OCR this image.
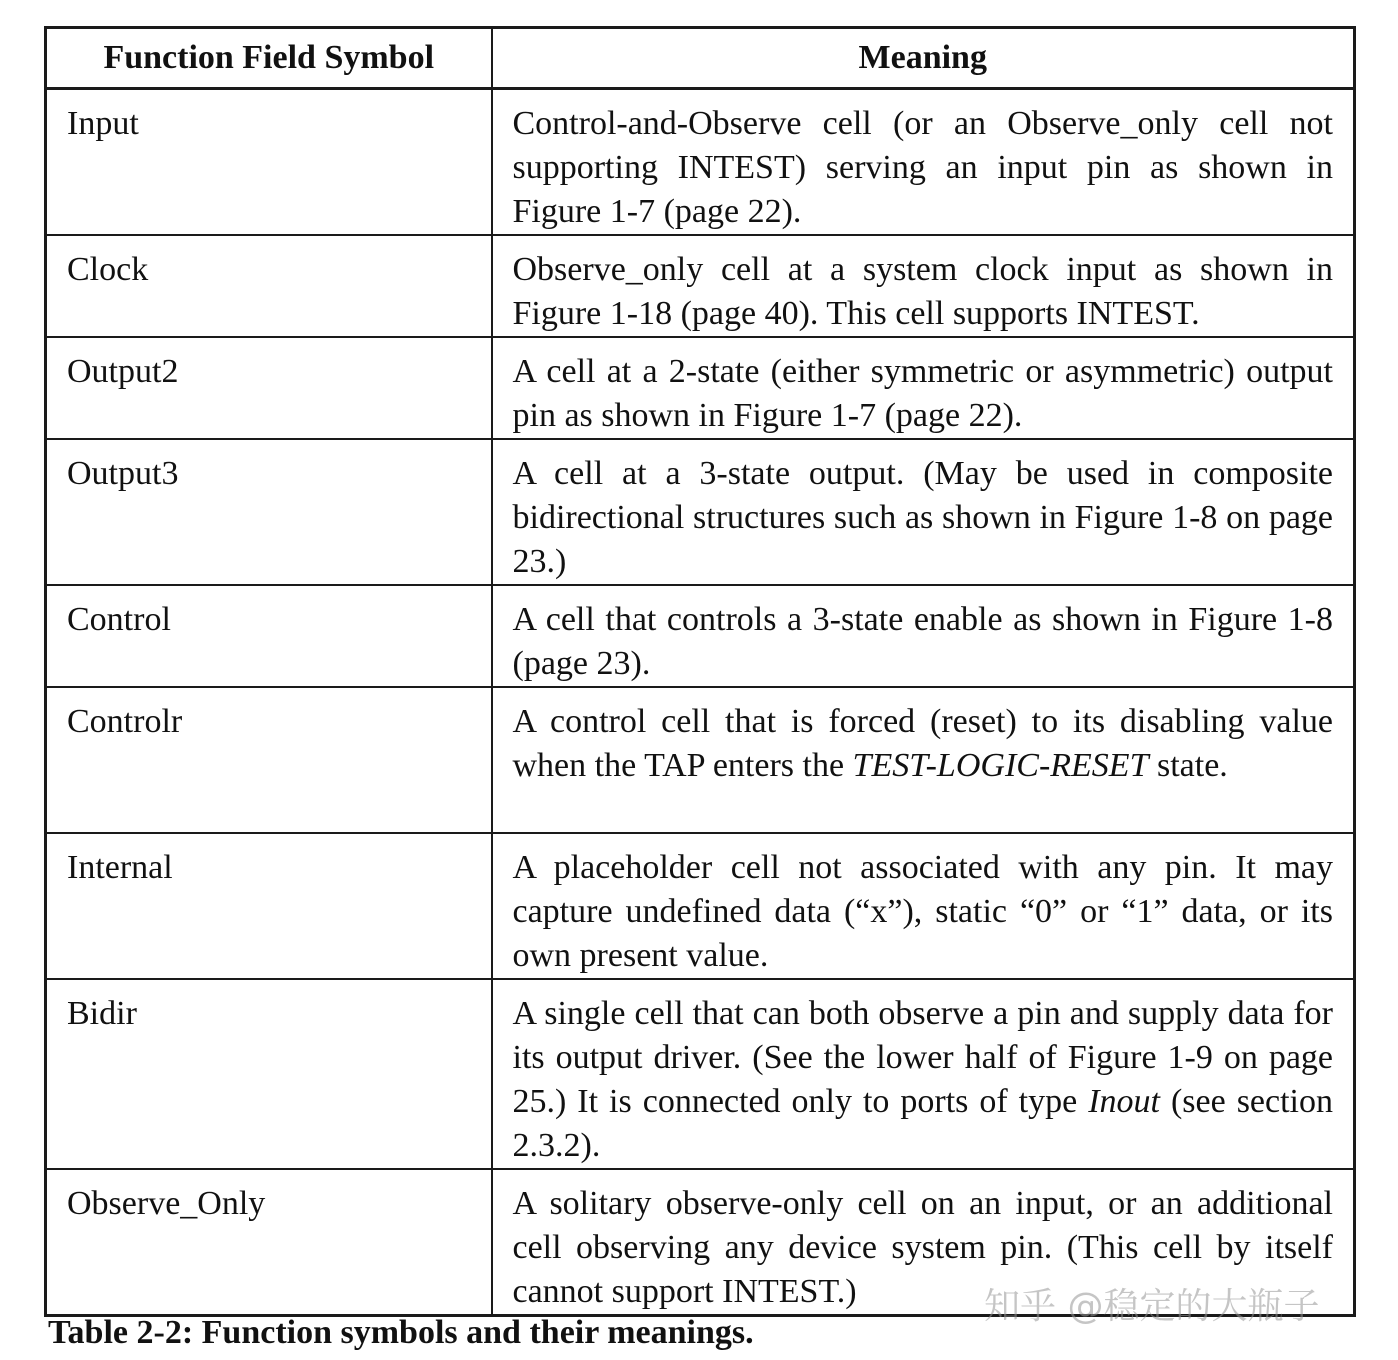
Function Field Symbol	Meaning
Input	Control-and-Observe cell (or an Observe_only cell not supporting INTEST) serving an input pin as shown in Figure 1-7 (page 22).
Clock	Observe_only cell at a system clock input as shown in Figure 1-18 (page 40). This cell supports INTEST.
Output2	A cell at a 2-state (either symmetric or asymmetric) output pin as shown in Figure 1-7 (page 22).
Output3	A cell at a 3-state output. (May be used in composite bidirectional structures such as shown in Figure 1-8 on page 23.)
Control	A cell that controls a 3-state enable as shown in Figure 1-8 (page 23).
Controlr	A control cell that is forced (reset) to its disabling value when the TAP enters the TEST-LOGIC-RESET state.
Internal	A placeholder cell not associated with any pin. It may capture undefined data (“x”), static “0” or “1” data, or its own present value.
Bidir	A single cell that can both observe a pin and supply data for its output driver. (See the lower half of Figure 1-9 on page 25.) It is connected only to ports of type Inout (see section 2.3.2).
Observe_Only	A solitary observe-only cell on an input, or an additional cell observing any device system pin. (This cell by itself cannot support INTEST.)

Table 2-2: Function symbols and their meanings.

知乎 @稳定的大瓶子
